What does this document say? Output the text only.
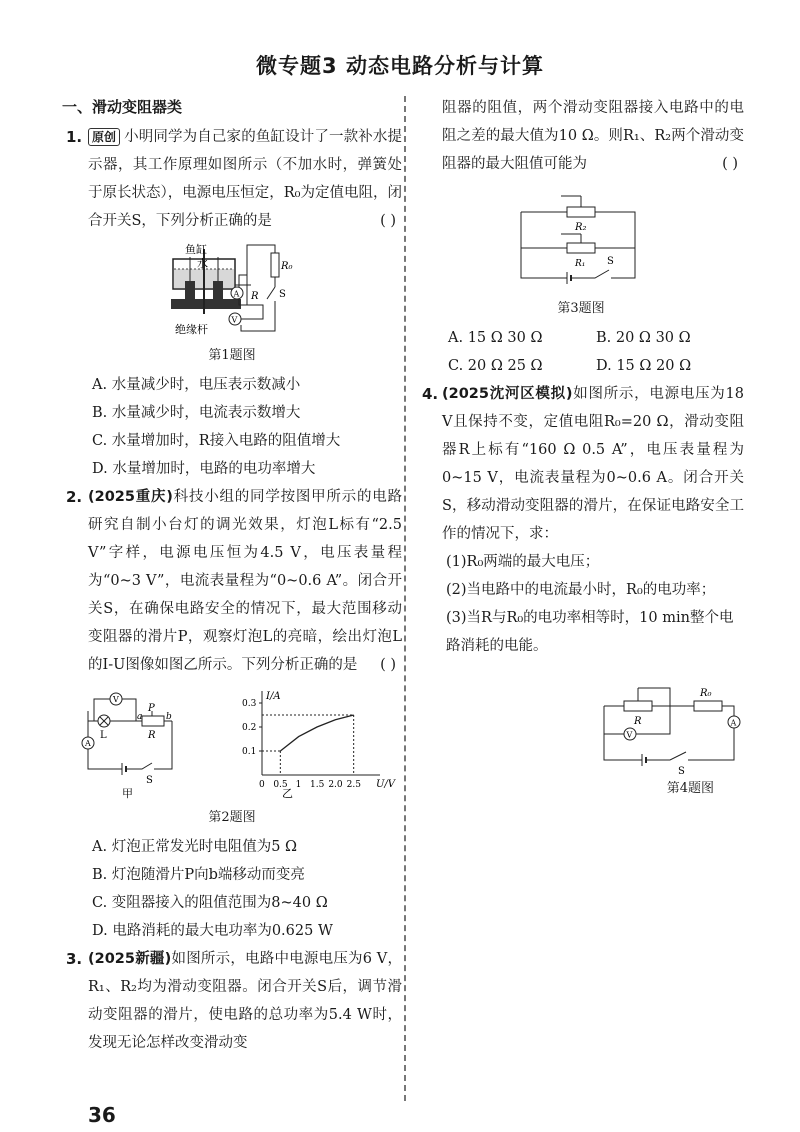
微专题3 动态电路分析与计算
一、滑动变阻器类
1. 原创 小明同学为自己家的鱼缸设计了一款补水提示器，其工作原理如图所示（不加水时，弹簧处于原长状态），电源电压恒定，R₀为定值电阻，闭合开关S，下列分析正确的是	( )
鱼缸
水	R₀
R S
A
V
绝缘杆
第1题图
A. 水量减少时，电压表示数减小
B. 水量减少时，电流表示数增大
C. 水量增加时，R接入电路的阻值增大
D. 水量增加时，电路的电功率增大
2. (2025重庆)科技小组的同学按图甲所示的电路研究自制小台灯的调光效果，灯泡L标有“2.5 V”字样，电源电压恒为4.5 V，电压表量程为“0~3 V”，电流表量程为“0~0.6 A”。闭合开关S，在确保电路安全的情况下，最大范围移动变阻器的滑片P，观察灯泡L的亮暗，绘出灯泡L的I-U图像如图乙所示。下列分析正确的是 ( )
V
A
L
P
a	b
R
S
甲
0 0.5 1 1.5 2.0 2.5
0.1
0.2
0.3
I/A
U/V
乙
第2题图
A. 灯泡正常发光时电阻值为5 Ω
B. 灯泡随滑片P向b端移动而变亮
C. 变阻器接入的阻值范围为8~40 Ω
D. 电路消耗的最大电功率为0.625 W
3. (2025新疆)如图所示，电路中电源电压为6 V，R₁、R₂均为滑动变阻器。闭合开关S后，调节滑动变阻器的滑片，使电路的总功率为5.4 W时，发现无论怎样改变滑动变
阻器的阻值，两个滑动变阻器接入电路中的电阻之差的最大值为10 Ω。则R₁、R₂两个滑动变阻器的最大阻值可能为	( )
R₂
R₁ S
第3题图
A. 15 Ω 30 Ω	B. 20 Ω 30 Ω
C. 20 Ω 25 Ω	D. 15 Ω 20 Ω
4. (2025沈河区模拟)如图所示，电源电压为18 V且保持不变，定值电阻R₀=20 Ω，滑动变阻器R上标有“160 Ω 0.5 A”，电压表量程为0~15 V，电流表量程为0~0.6 A。闭合开关S，移动滑动变阻器的滑片，在保证电路安全工作的情况下，求：
(1)R₀两端的最大电压；
(2)当电路中的电流最小时，R₀的电功率；
(3)当R与R₀的电功率相等时，10 min整个电路消耗的电能。
R
R₀
V
A
S
第4题图
36
